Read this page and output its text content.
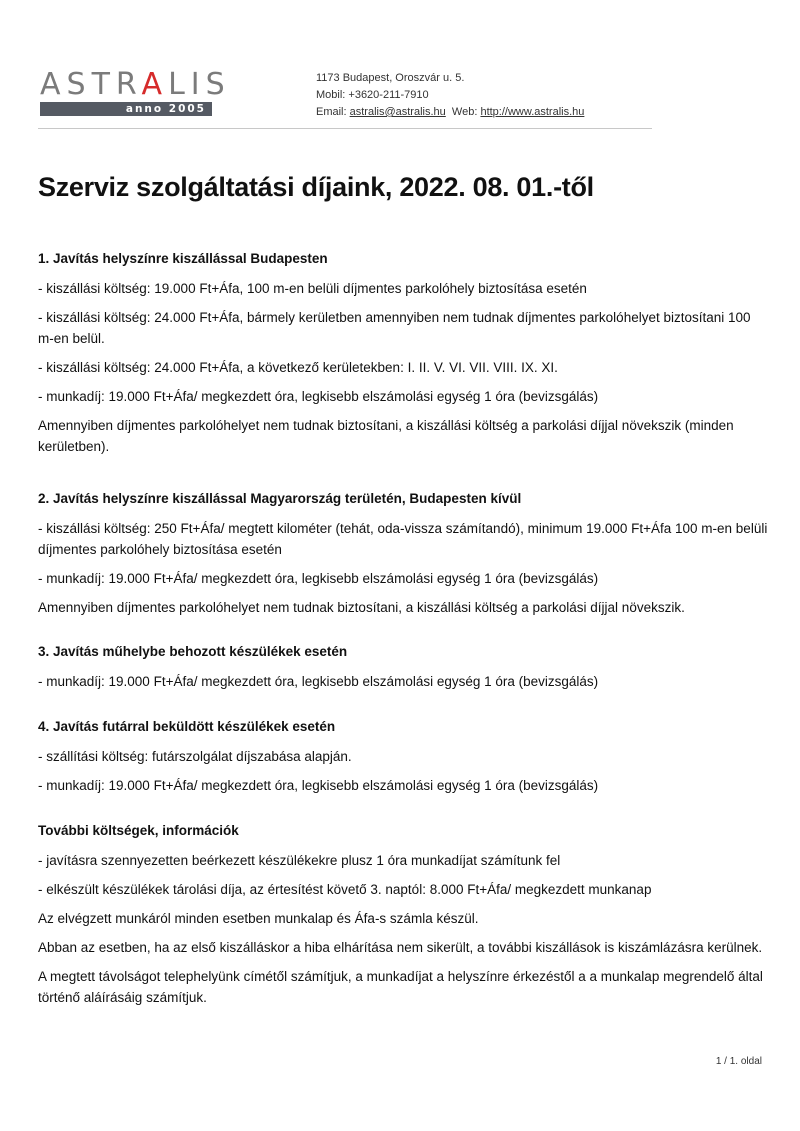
ASTRALIS
anno 2005
1173 Budapest, Oroszvár u. 5.
Mobil: +3620-211-7910
Email: astralis@astralis.hu Web: http://www.astralis.hu
Szerviz szolgáltatási díjaink, 2022. 08. 01.-től
1. Javítás helyszínre kiszállással Budapesten

- kiszállási költség: 19.000 Ft+Áfa, 100 m-en belüli díjmentes parkolóhely biztosítása esetén

- kiszállási költség: 24.000 Ft+Áfa, bármely kerületben amennyiben nem tudnak díjmentes parkolóhelyet biztosítani 100 m-en belül.

- kiszállási költség: 24.000 Ft+Áfa, a következő kerületekben: I. II. V. VI. VII. VIII. IX. XI.

- munkadíj: 19.000 Ft+Áfa/ megkezdett óra, legkisebb elszámolási egység 1 óra (bevizsgálás)

Amennyiben díjmentes parkolóhelyet nem tudnak biztosítani, a kiszállási költség a parkolási díjjal növekszik (minden kerületben).

2. Javítás helyszínre kiszállással Magyarország területén, Budapesten kívül

- kiszállási költség: 250 Ft+Áfa/ megtett kilométer (tehát, oda-vissza számítandó), minimum 19.000 Ft+Áfa 100 m-en belüli díjmentes parkolóhely biztosítása esetén

- munkadíj: 19.000 Ft+Áfa/ megkezdett óra, legkisebb elszámolási egység 1 óra (bevizsgálás)

Amennyiben díjmentes parkolóhelyet nem tudnak biztosítani, a kiszállási költség a parkolási díjjal növekszik.

3. Javítás műhelybe behozott készülékek esetén

- munkadíj: 19.000 Ft+Áfa/ megkezdett óra, legkisebb elszámolási egység 1 óra (bevizsgálás)

4. Javítás futárral beküldött készülékek esetén

- szállítási költség: futárszolgálat díjszabása alapján.

- munkadíj: 19.000 Ft+Áfa/ megkezdett óra, legkisebb elszámolási egység 1 óra (bevizsgálás)

További költségek, információk

- javításra szennyezetten beérkezett készülékekre plusz 1 óra munkadíjat számítunk fel

- elkészült készülékek tárolási díja, az értesítést követő 3. naptól: 8.000 Ft+Áfa/ megkezdett munkanap

Az elvégzett munkáról minden esetben munkalap és Áfa-s számla készül.

Abban az esetben, ha az első kiszálláskor a hiba elhárítása nem sikerült, a további kiszállások is kiszámlázásra kerülnek.

A megtett távolságot telephelyünk címétől számítjuk, a munkadíjat a helyszínre érkezéstől a a munkalap megrendelő által történő aláírásáig számítjuk.

1 / 1. oldal
